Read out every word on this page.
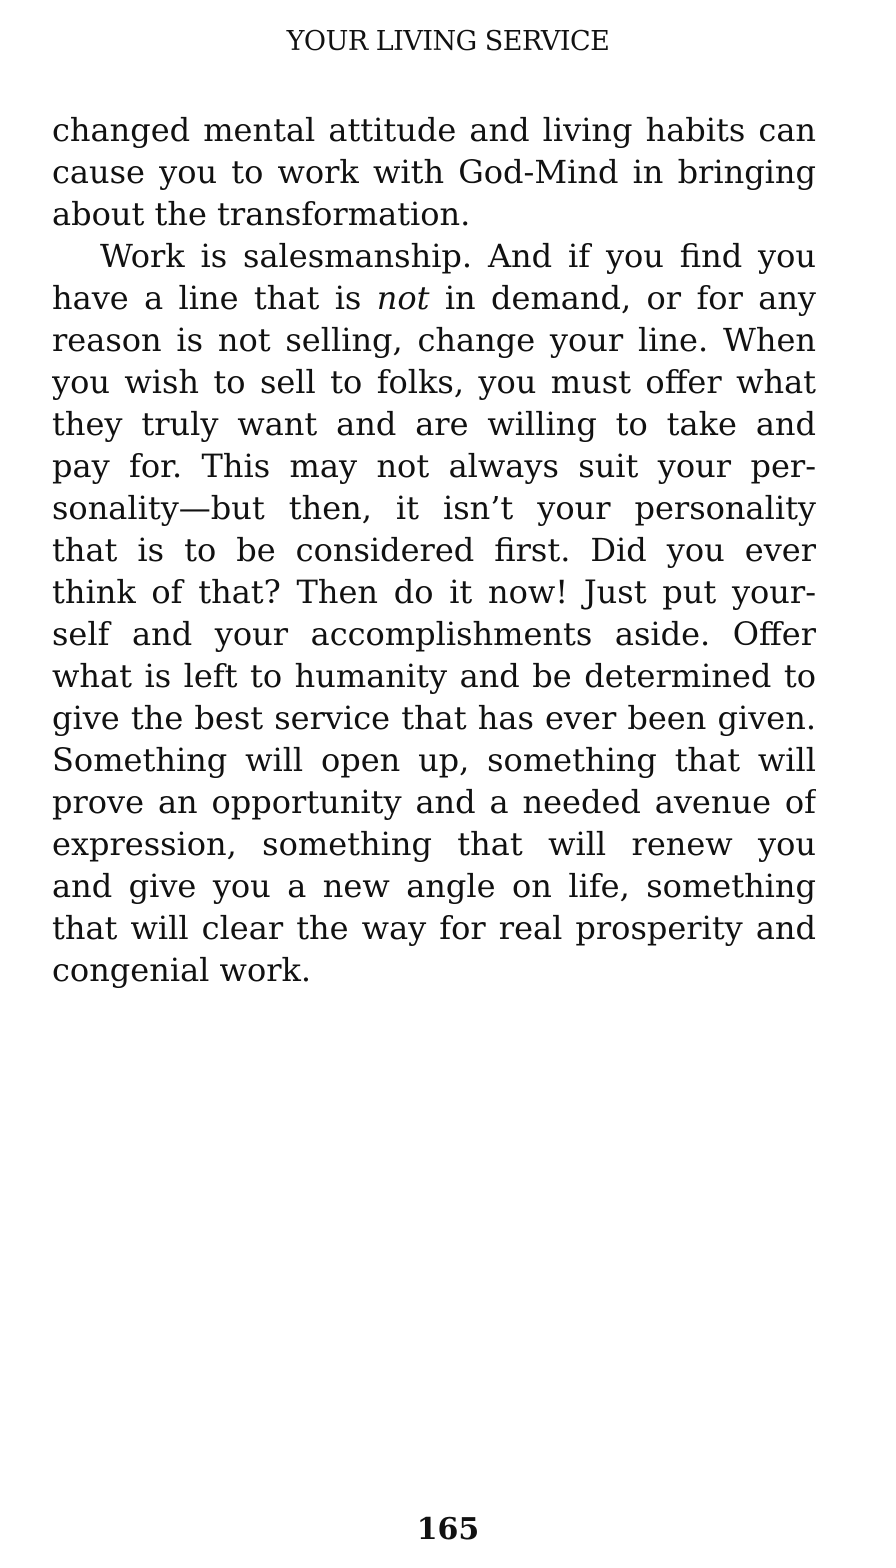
YOUR LIVING SERVICE
changed mental attitude and living habits can
cause you to work with God-Mind in bringing
about the transformation.
Work is salesmanship. And if you find you
have a line that is not in demand, or for any
reason is not selling, change your line. When
you wish to sell to folks, you must offer what
they truly want and are willing to take and
pay for. This may not always suit your per-
sonality—but then, it isn’t your personality
that is to be considered first. Did you ever
think of that? Then do it now! Just put your-
self and your accomplishments aside. Offer
what is left to humanity and be determined to
give the best service that has ever been given.
Something will open up, something that will
prove an opportunity and a needed avenue of
expression, something that will renew you
and give you a new angle on life, something
that will clear the way for real prosperity and
congenial work.
165
